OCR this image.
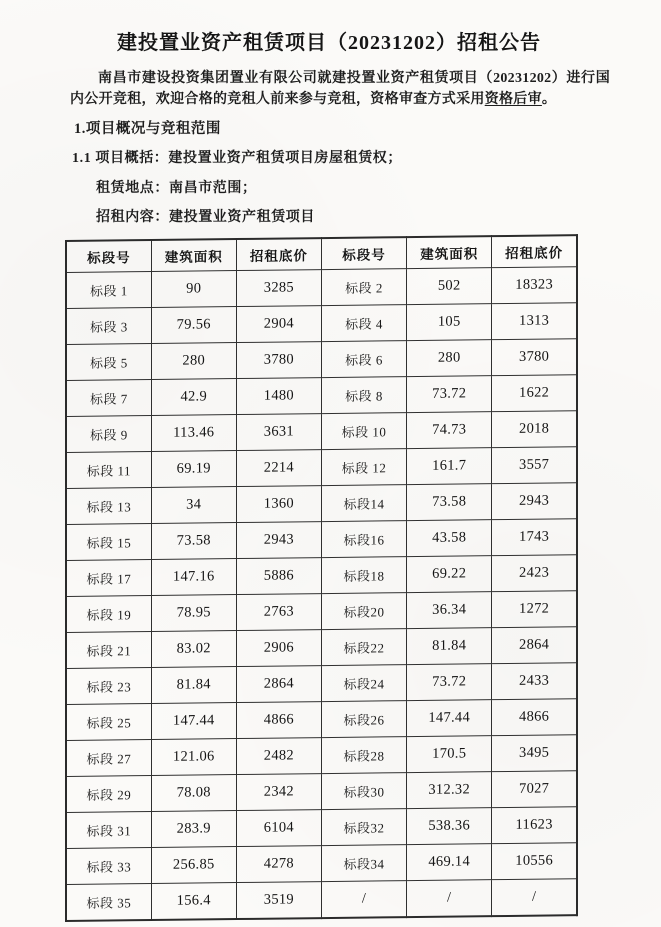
建投置业资产租赁项目（20231202）招租公告

南昌市建设投资集团置业有限公司就建投置业资产租赁项目（20231202）进行国内公开竞租，欢迎合格的竞租人前来参与竞租，资格审查方式采用资格后审。

1.项目概况与竞租范围
1.1 项目概括：建投置业资产租赁项目房屋租赁权；
租赁地点：南昌市范围；
招租内容：建投置业资产租赁项目
标段号	建筑面积	招租底价	标段号	建筑面积	招租底价
标段 1	90	3285	标段 2	502	18323
标段 3	79.56	2904	标段 4	105	1313
标段 5	280	3780	标段 6	280	3780
标段 7	42.9	1480	标段 8	73.72	1622
标段 9	113.46	3631	标段 10	74.73	2018
标段 11	69.19	2214	标段 12	161.7	3557
标段 13	34	1360	标段14	73.58	2943
标段 15	73.58	2943	标段16	43.58	1743
标段 17	147.16	5886	标段18	69.22	2423
标段 19	78.95	2763	标段20	36.34	1272
标段 21	83.02	2906	标段22	81.84	2864
标段 23	81.84	2864	标段24	73.72	2433
标段 25	147.44	4866	标段26	147.44	4866
标段 27	121.06	2482	标段28	170.5	3495
标段 29	78.08	2342	标段30	312.32	7027
标段 31	283.9	6104	标段32	538.36	11623
标段 33	256.85	4278	标段34	469.14	10556
标段 35	156.4	3519	/	/	/
